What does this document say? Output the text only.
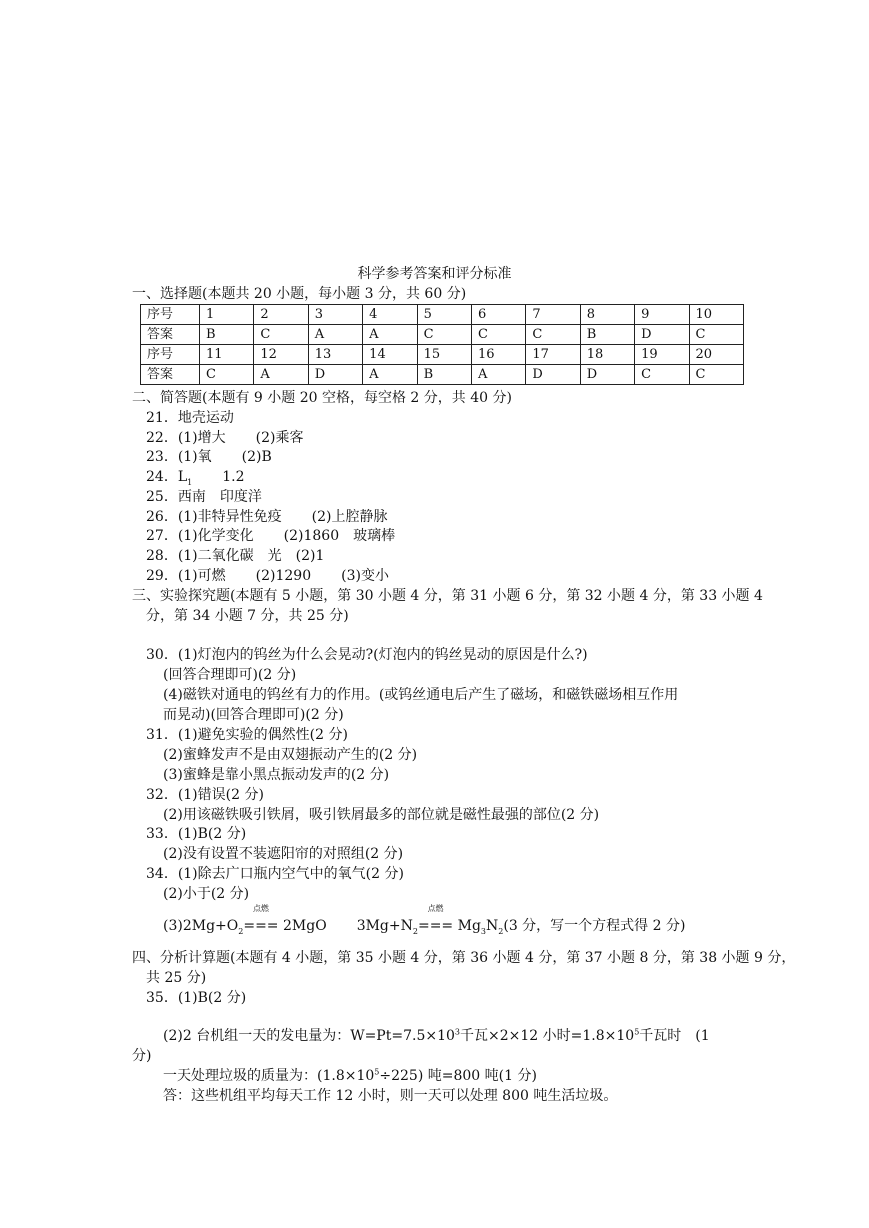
科学参考答案和评分标准
一、选择题(本题共 20 小题，每小题 3 分，共 60 分)
序号	1	2	3	4	5	6	7	8	9	10
答案	B	C	A	A	C	C	C	B	D	C
序号	11	12	13	14	15	16	17	18	19	20
答案	C	A	D	A	B	A	D	D	C	C
二、简答题(本题有 9 小题 20 空格，每空格 2 分，共 40 分)
21．地壳运动
22．(1)增大 (2)乘客
23．(1)氧 (2)B
24．$L_1$ 1.2
25．西南　印度洋
26．(1)非特异性免疫 (2)上腔静脉
27．(1)化学变化 (2)1860　玻璃棒
28．(1)二氧化碳　光　(2)1
29．(1)可燃 (2)1290 (3)变小
三、实验探究题(本题有 5 小题，第 30 小题 4 分，第 31 小题 6 分，第 32 小题 4 分，第 33 小题 4
分，第 34 小题 7 分，共 25 分)
30．(1)灯泡内的钨丝为什么会晃动?(灯泡内的钨丝晃动的原因是什么?)
(回答合理即可)(2 分)
(4)磁铁对通电的钨丝有力的作用。(或钨丝通电后产生了磁场，和磁铁磁场相互作用
而晃动)(回答合理即可)(2 分)
31．(1)避免实验的偶然性(2 分)
(2)蜜蜂发声不是由双翅振动产生的(2 分)
(3)蜜蜂是靠小黑点振动发声的(2 分)
32．(1)错误(2 分)
(2)用该磁铁吸引铁屑，吸引铁屑最多的部位就是磁性最强的部位(2 分)
33．(1)B(2 分)
(2)没有设置不装遮阳帘的对照组(2 分)
34．(1)除去广口瓶内空气中的氧气(2 分)
(2)小于(2 分)
$(3)2Mg+O_2$
点燃
=== 2MgO $3Mg+N_2$
点燃
=== $Mg_3N_2(3$ 分，写一个方程式得 2 分)
四、分析计算题(本题有 4 小题，第 35 小题 4 分，第 36 小题 4 分，第 37 小题 8 分，第 38 小题 9 分，
共 25 分)
35．(1)B(2 分)
(2)2 台机组一天的发电量为：$W=Pt=7.5\times 10^3$千瓦×2×12 小时$=1.8\times 10^5$千瓦时　(1
分)
一天处理垃圾的质量为：$(1.8\times 10^5\div 225)$ 吨=800 吨(1 分)
答：这些机组平均每天工作 12 小时，则一天可以处理 800 吨生活垃圾。
